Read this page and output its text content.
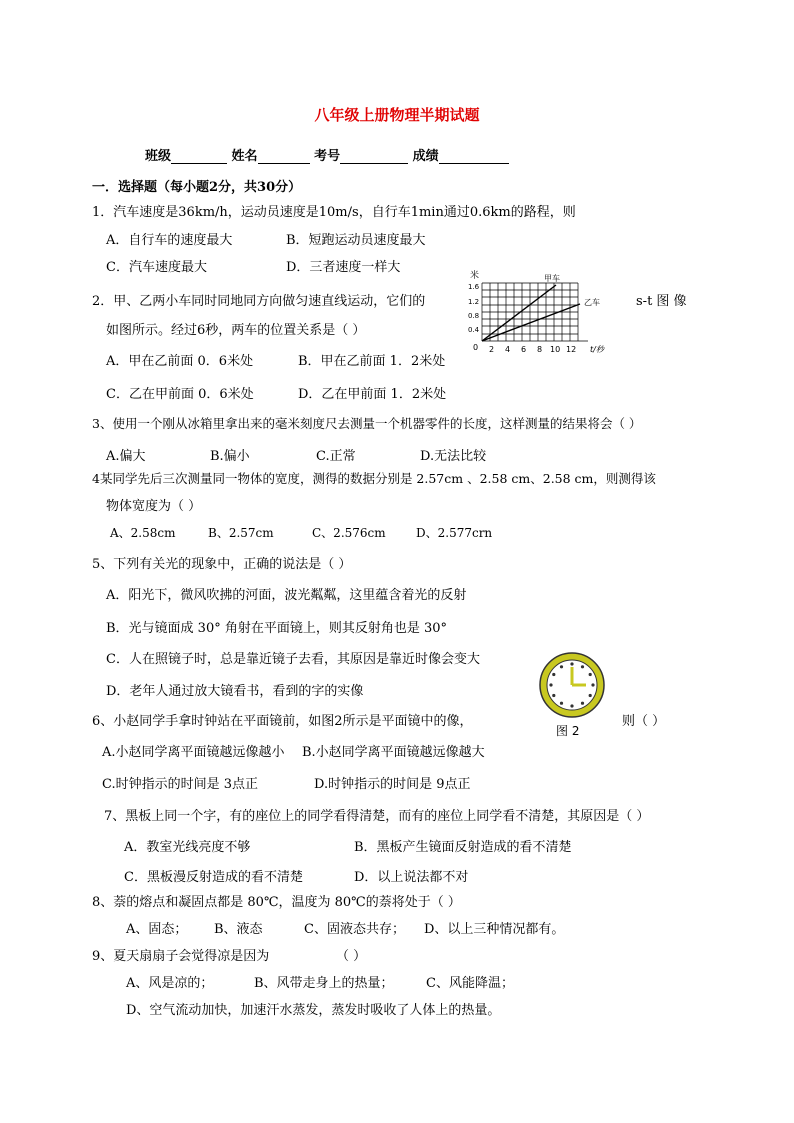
八年级上册物理半期试题
班级	姓名	考号	成绩
一．选择题（每小题2分，共30分）
1．汽车速度是36km/h，运动员速度是10m/s，自行车1min通过0.6km的路程，则
A．自行车的速度最大	B．短跑运动员速度最大
C．汽车速度最大	D．三者速度一样大
2．甲、乙两小车同时同地同方向做匀速直线运动，它们的	s-t 图 像
如图所示。经过6秒，两车的位置关系是（ ）
米
1.6
1.2
0.8
0.4
0 2 4 6 8 10 12 t/秒
甲车
乙车
A．甲在乙前面 0．6米处	B．甲在乙前面 1．2米处
C．乙在甲前面 0．6米处	D．乙在甲前面 1．2米处
3、使用一个刚从冰箱里拿出来的毫米刻度尺去测量一个机器零件的长度，这样测量的结果将会（ ）
A.偏大	B.偏小	C.正常	D.无法比较
4某同学先后三次测量同一物体的宽度，测得的数据分别是 2.57cm 、2.58 cm、2.58 cm，则测得该
物体宽度为（ ）
A、2.58cm	B、2.57cm	C、2.576cm	D、2.577crn
5、下列有关光的现象中，正确的说法是（ ）
A．阳光下，微风吹拂的河面，波光粼粼，这里蕴含着光的反射
B．光与镜面成 30° 角射在平面镜上，则其反射角也是 30°
C．人在照镜子时，总是靠近镜子去看，其原因是靠近时像会变大
D．老年人通过放大镜看书，看到的字的实像
图 2
6、小赵同学手拿时钟站在平面镜前，如图2所示是平面镜中的像，	则（ ）
A.小赵同学离平面镜越远像越小 B.小赵同学离平面镜越远像越大
C.时钟指示的时间是 3点正	D.时钟指示的时间是 9点正
7、黑板上同一个字，有的座位上的同学看得清楚，而有的座位上同学看不清楚，其原因是（ ）
A．教室光线亮度不够	B．黑板产生镜面反射造成的看不清楚
C．黑板漫反射造成的看不清楚	D．以上说法都不对
8、萘的熔点和凝固点都是 80℃，温度为 80℃的萘将处于（ ）
A、固态； B、液态	C、固液态共存； D、以上三种情况都有。
9、夏天扇扇子会觉得凉是因为	（ ）
A、风是凉的；	B、风带走身上的热量； C、风能降温；
D、空气流动加快，加速汗水蒸发，蒸发时吸收了人体上的热量。
